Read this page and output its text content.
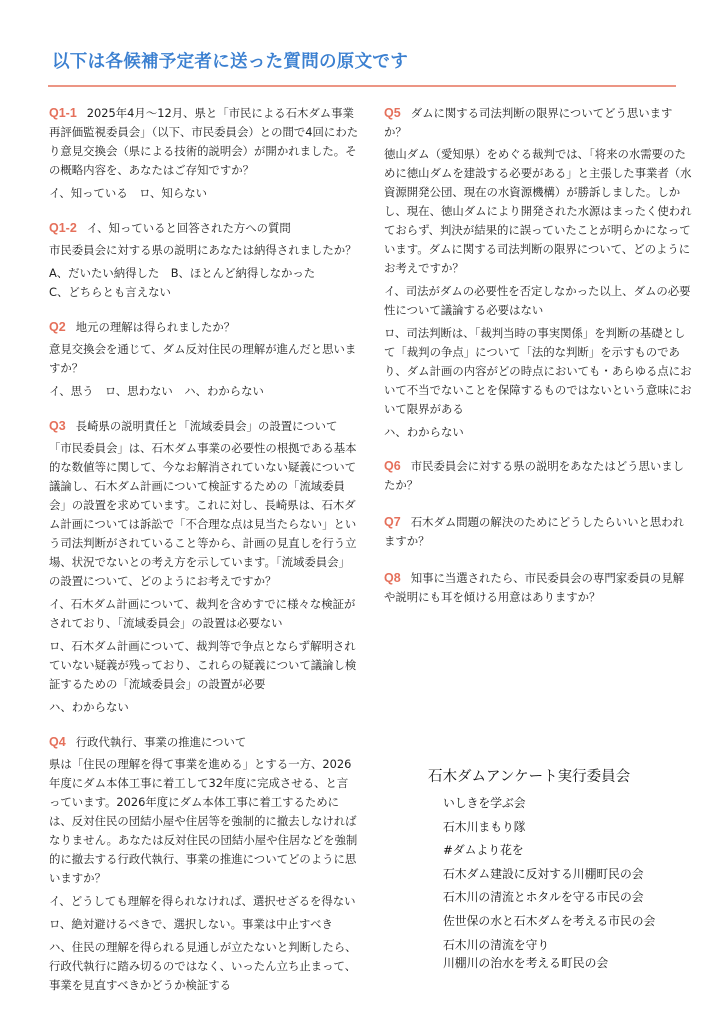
以下は各候補予定者に送った質問の原文です
Q1-1 2025年4月〜12月、県と「市民による石木ダム事業再評価監視委員会」（以下、市民委員会）との間で4回にわたり意見交換会（県による技術的説明会）が開かれました。その概略内容を、あなたはご存知ですか？
イ、知っている　ロ、知らない
Q1-2 イ、知っていると回答された方への質問
市民委員会に対する県の説明にあなたは納得されましたか？
A、だいたい納得した　B、ほとんど納得しなかった
C、どちらとも言えない
Q2 地元の理解は得られましたか？
意見交換会を通じて、ダム反対住民の理解が進んだと思いますか？
イ、思う　ロ、思わない　ハ、わからない
Q3 長崎県の説明責任と「流域委員会」の設置について
「市民委員会」は、石木ダム事業の必要性の根拠である基本的な数値等に関して、今なお解消されていない疑義について議論し、石木ダム計画について検証するための「流域委員会」の設置を求めています。これに対し、長崎県は、石木ダム計画については訴訟で「不合理な点は見当たらない」という司法判断がされていること等から、計画の見直しを行う立場、状況でないとの考え方を示しています。「流域委員会」の設置について、どのようにお考えですか？
イ、石木ダム計画について、裁判を含めすでに様々な検証がされており、「流域委員会」の設置は必要ない
ロ、石木ダム計画について、裁判等で争点とならず解明されていない疑義が残っており、これらの疑義について議論し検証するための「流域委員会」の設置が必要
ハ、わからない
Q4 行政代執行、事業の推進について
県は「住民の理解を得て事業を進める」とする一方、2026年度にダム本体工事に着工して32年度に完成させる、と言っています。2026年度にダム本体工事に着工するためには、反対住民の団結小屋や住居等を強制的に撤去しなければなりません。あなたは反対住民の団結小屋や住居などを強制的に撤去する行政代執行、事業の推進についてどのように思いますか？
イ、どうしても理解を得られなければ、選択せざるを得ない
ロ、絶対避けるべきで、選択しない。事業は中止すべき
ハ、住民の理解を得られる見通しが立たないと判断したら、行政代執行に踏み切るのではなく、いったん立ち止まって、事業を見直すべきかどうか検証する
Q5 ダムに関する司法判断の限界についてどう思いますか？
徳山ダム（愛知県）をめぐる裁判では、「将来の水需要のために徳山ダムを建設する必要がある」と主張した事業者（水資源開発公団、現在の水資源機構）が勝訴しました。しかし、現在、徳山ダムにより開発された水源はまったく使われておらず、判決が結果的に誤っていたことが明らかになっています。ダムに関する司法判断の限界について、どのようにお考えですか？
イ、司法がダムの必要性を否定しなかった以上、ダムの必要性について議論する必要はない
ロ、司法判断は、「裁判当時の事実関係」を判断の基礎として「裁判の争点」について「法的な判断」を示すものであり、ダム計画の内容がどの時点においても・あらゆる点において不当でないことを保障するものではないという意味において限界がある
ハ、わからない
Q6 市民委員会に対する県の説明をあなたはどう思いましたか？
Q7 石木ダム問題の解決のためにどうしたらいいと思われますか？
Q8 知事に当選されたら、市民委員会の専門家委員の見解や説明にも耳を傾ける用意はありますか？
石木ダムアンケート実行委員会
いしきを学ぶ会
石木川まもり隊
#ダムより花を
石木ダム建設に反対する川棚町民の会
石木川の清流とホタルを守る市民の会
佐世保の水と石木ダムを考える市民の会
石木川の清流を守り
川棚川の治水を考える町民の会
